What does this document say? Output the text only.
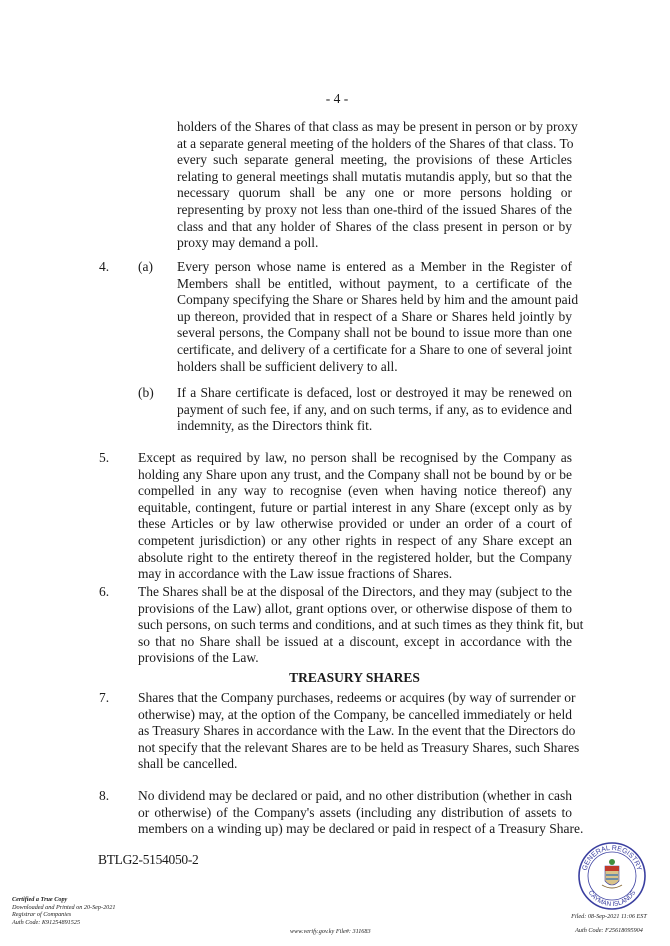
- 4 -
holders of the Shares of that class as may be present in person or by proxy
at a separate general meeting of the holders of the Shares of that class. To
every such separate general meeting, the provisions of these Articles
relating to general meetings shall mutatis mutandis apply, but so that the
necessary quorum shall be any one or more persons holding or
representing by proxy not less than one-third of the issued Shares of the
class and that any holder of Shares of the class present in person or by
proxy may demand a poll.
4. (a) Every person whose name is entered as a Member in the Register of
Members shall be entitled, without payment, to a certificate of the
Company specifying the Share or Shares held by him and the amount paid
up thereon, provided that in respect of a Share or Shares held jointly by
several persons, the Company shall not be bound to issue more than one
certificate, and delivery of a certificate for a Share to one of several joint
holders shall be sufficient delivery to all.
(b) If a Share certificate is defaced, lost or destroyed it may be renewed on
payment of such fee, if any, and on such terms, if any, as to evidence and
indemnity, as the Directors think fit.
5. Except as required by law, no person shall be recognised by the Company as
holding any Share upon any trust, and the Company shall not be bound by or be
compelled in any way to recognise (even when having notice thereof) any
equitable, contingent, future or partial interest in any Share (except only as by
these Articles or by law otherwise provided or under an order of a court of
competent jurisdiction) or any other rights in respect of any Share except an
absolute right to the entirety thereof in the registered holder, but the Company
may in accordance with the Law issue fractions of Shares.
6. The Shares shall be at the disposal of the Directors, and they may (subject to the
provisions of the Law) allot, grant options over, or otherwise dispose of them to
such persons, on such terms and conditions, and at such times as they think fit, but
so that no Share shall be issued at a discount, except in accordance with the
provisions of the Law.
TREASURY SHARES
7. Shares that the Company purchases, redeems or acquires (by way of surrender or
otherwise) may, at the option of the Company, be cancelled immediately or held
as Treasury Shares in accordance with the Law. In the event that the Directors do
not specify that the relevant Shares are to be held as Treasury Shares, such Shares
shall be cancelled.
8. No dividend may be declared or paid, and no other distribution (whether in cash
or otherwise) of the Company's assets (including any distribution of assets to
members on a winding up) may be declared or paid in respect of a Treasury Share.
BTLG2-5154050-2
Certified a True Copy
Downloaded and Printed on 20-Sep-2021
Registrar of Companies
Auth Code: K91254891525
www.verify.gov.ky File#: 311683
Filed: 08-Sep-2021 11:06 EST
Auth Code: F25618095904
GENERAL REGISTRY
CAYMAN ISLANDS
